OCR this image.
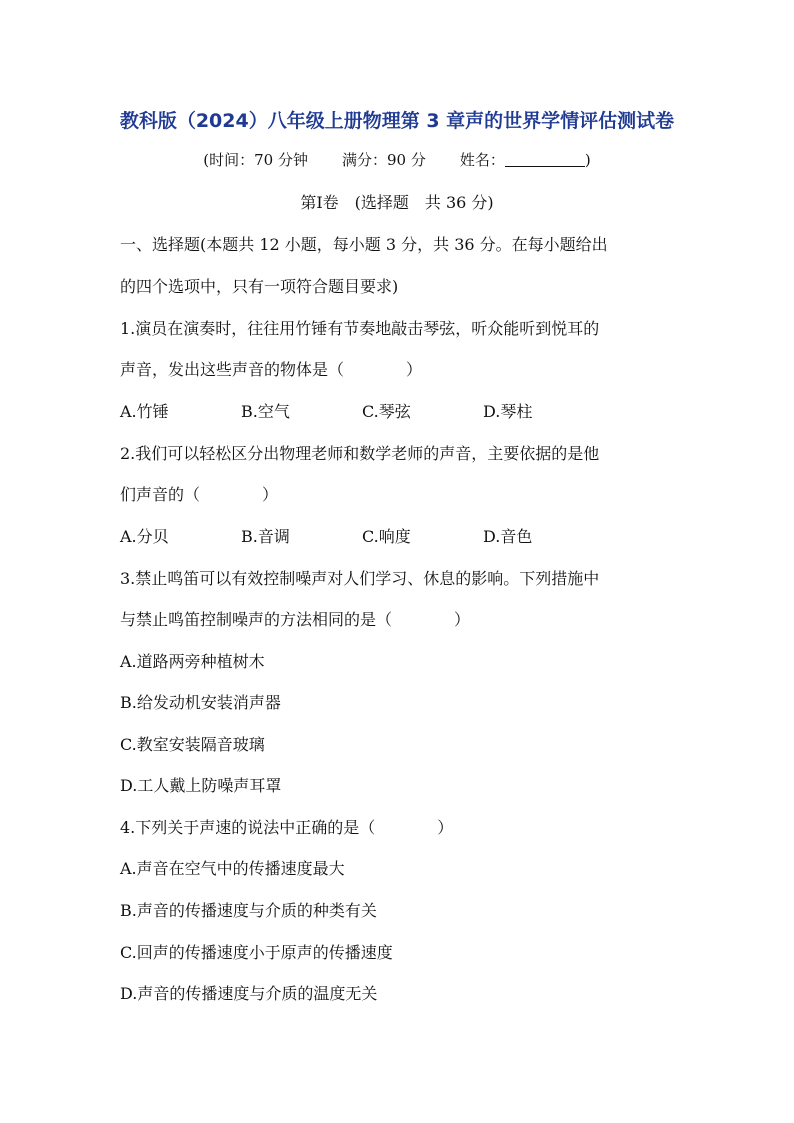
教科版（2024）八年级上册物理第 3 章声的世界学情评估测试卷
(时间：70 分钟 满分：90 分 姓名：	)
第Ⅰ卷　(选择题　共 36 分)
一、选择题(本题共 12 小题，每小题 3 分，共 36 分。在每小题给出
的四个选项中，只有一项符合题目要求)
1.演员在演奏时，往往用竹锤有节奏地敲击琴弦，听众能听到悦耳的
声音，发出这些声音的物体是（	）
A.竹锤	B.空气	C.琴弦	D.琴柱
2.我们可以轻松区分出物理老师和数学老师的声音，主要依据的是他
们声音的（	）
A.分贝	B.音调	C.响度	D.音色
3.禁止鸣笛可以有效控制噪声对人们学习、休息的影响。下列措施中
与禁止鸣笛控制噪声的方法相同的是（	）
A.道路两旁种植树木
B.给发动机安装消声器
C.教室安装隔音玻璃
D.工人戴上防噪声耳罩
4.下列关于声速的说法中正确的是（	）
A.声音在空气中的传播速度最大
B.声音的传播速度与介质的种类有关
C.回声的传播速度小于原声的传播速度
D.声音的传播速度与介质的温度无关
